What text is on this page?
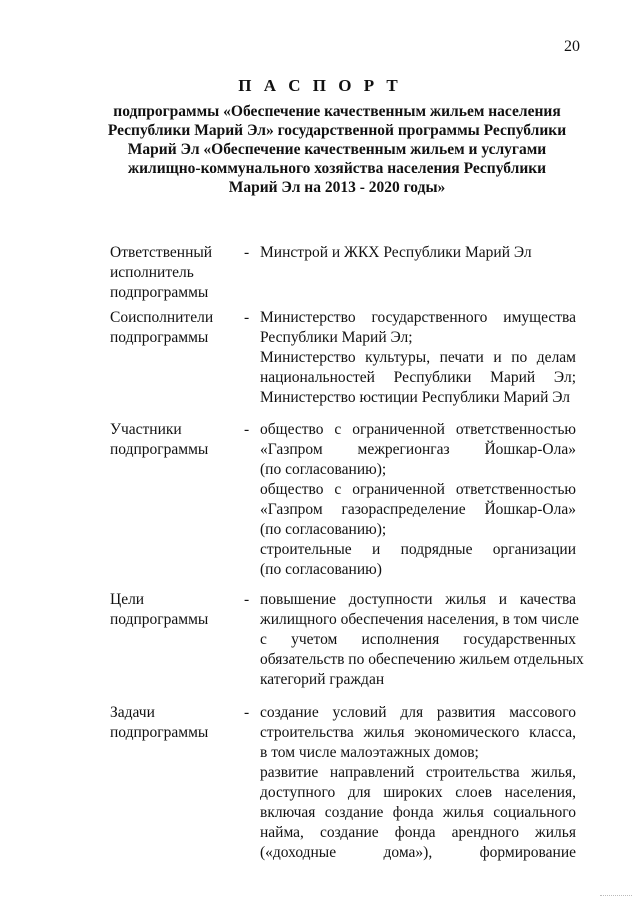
20
П А С П О Р Т
подпрограммы «Обеспечение качественным жильем населения
Республики Марий Эл» государственной программы Республики
Марий Эл «Обеспечение качественным жильем и услугами
жилищно-коммунального хозяйства населения Республики
Марий Эл на 2013 - 2020 годы»
Ответственный
исполнитель
подпрограммы
- Минстрой и ЖКХ Республики Марий Эл
Соисполнители
подпрограммы
- Министерство государственного имущества
Республики Марий Эл;
Министерство культуры, печати и по делам
национальностей Республики Марий Эл;
Министерство юстиции Республики Марий Эл
Участники
подпрограммы
- общество с ограниченной ответственностью
«Газпром межрегионгаз Йошкар-Ола»
(по согласованию);
общество с ограниченной ответственностью
«Газпром газораспределение Йошкар-Ола»
(по согласованию);
строительные и подрядные организации
(по согласованию)
Цели
подпрограммы
- повышение доступности жилья и качества
жилищного обеспечения населения, в том числе
с учетом исполнения государственных
обязательств по обеспечению жильем отдельных
категорий граждан
Задачи
подпрограммы
- создание условий для развития массового
строительства жилья экономического класса,
в том числе малоэтажных домов;
развитие направлений строительства жилья,
доступного для широких слоев населения,
включая создание фонда жилья социального
найма, создание фонда арендного жилья
(«доходные дома»), формирование
